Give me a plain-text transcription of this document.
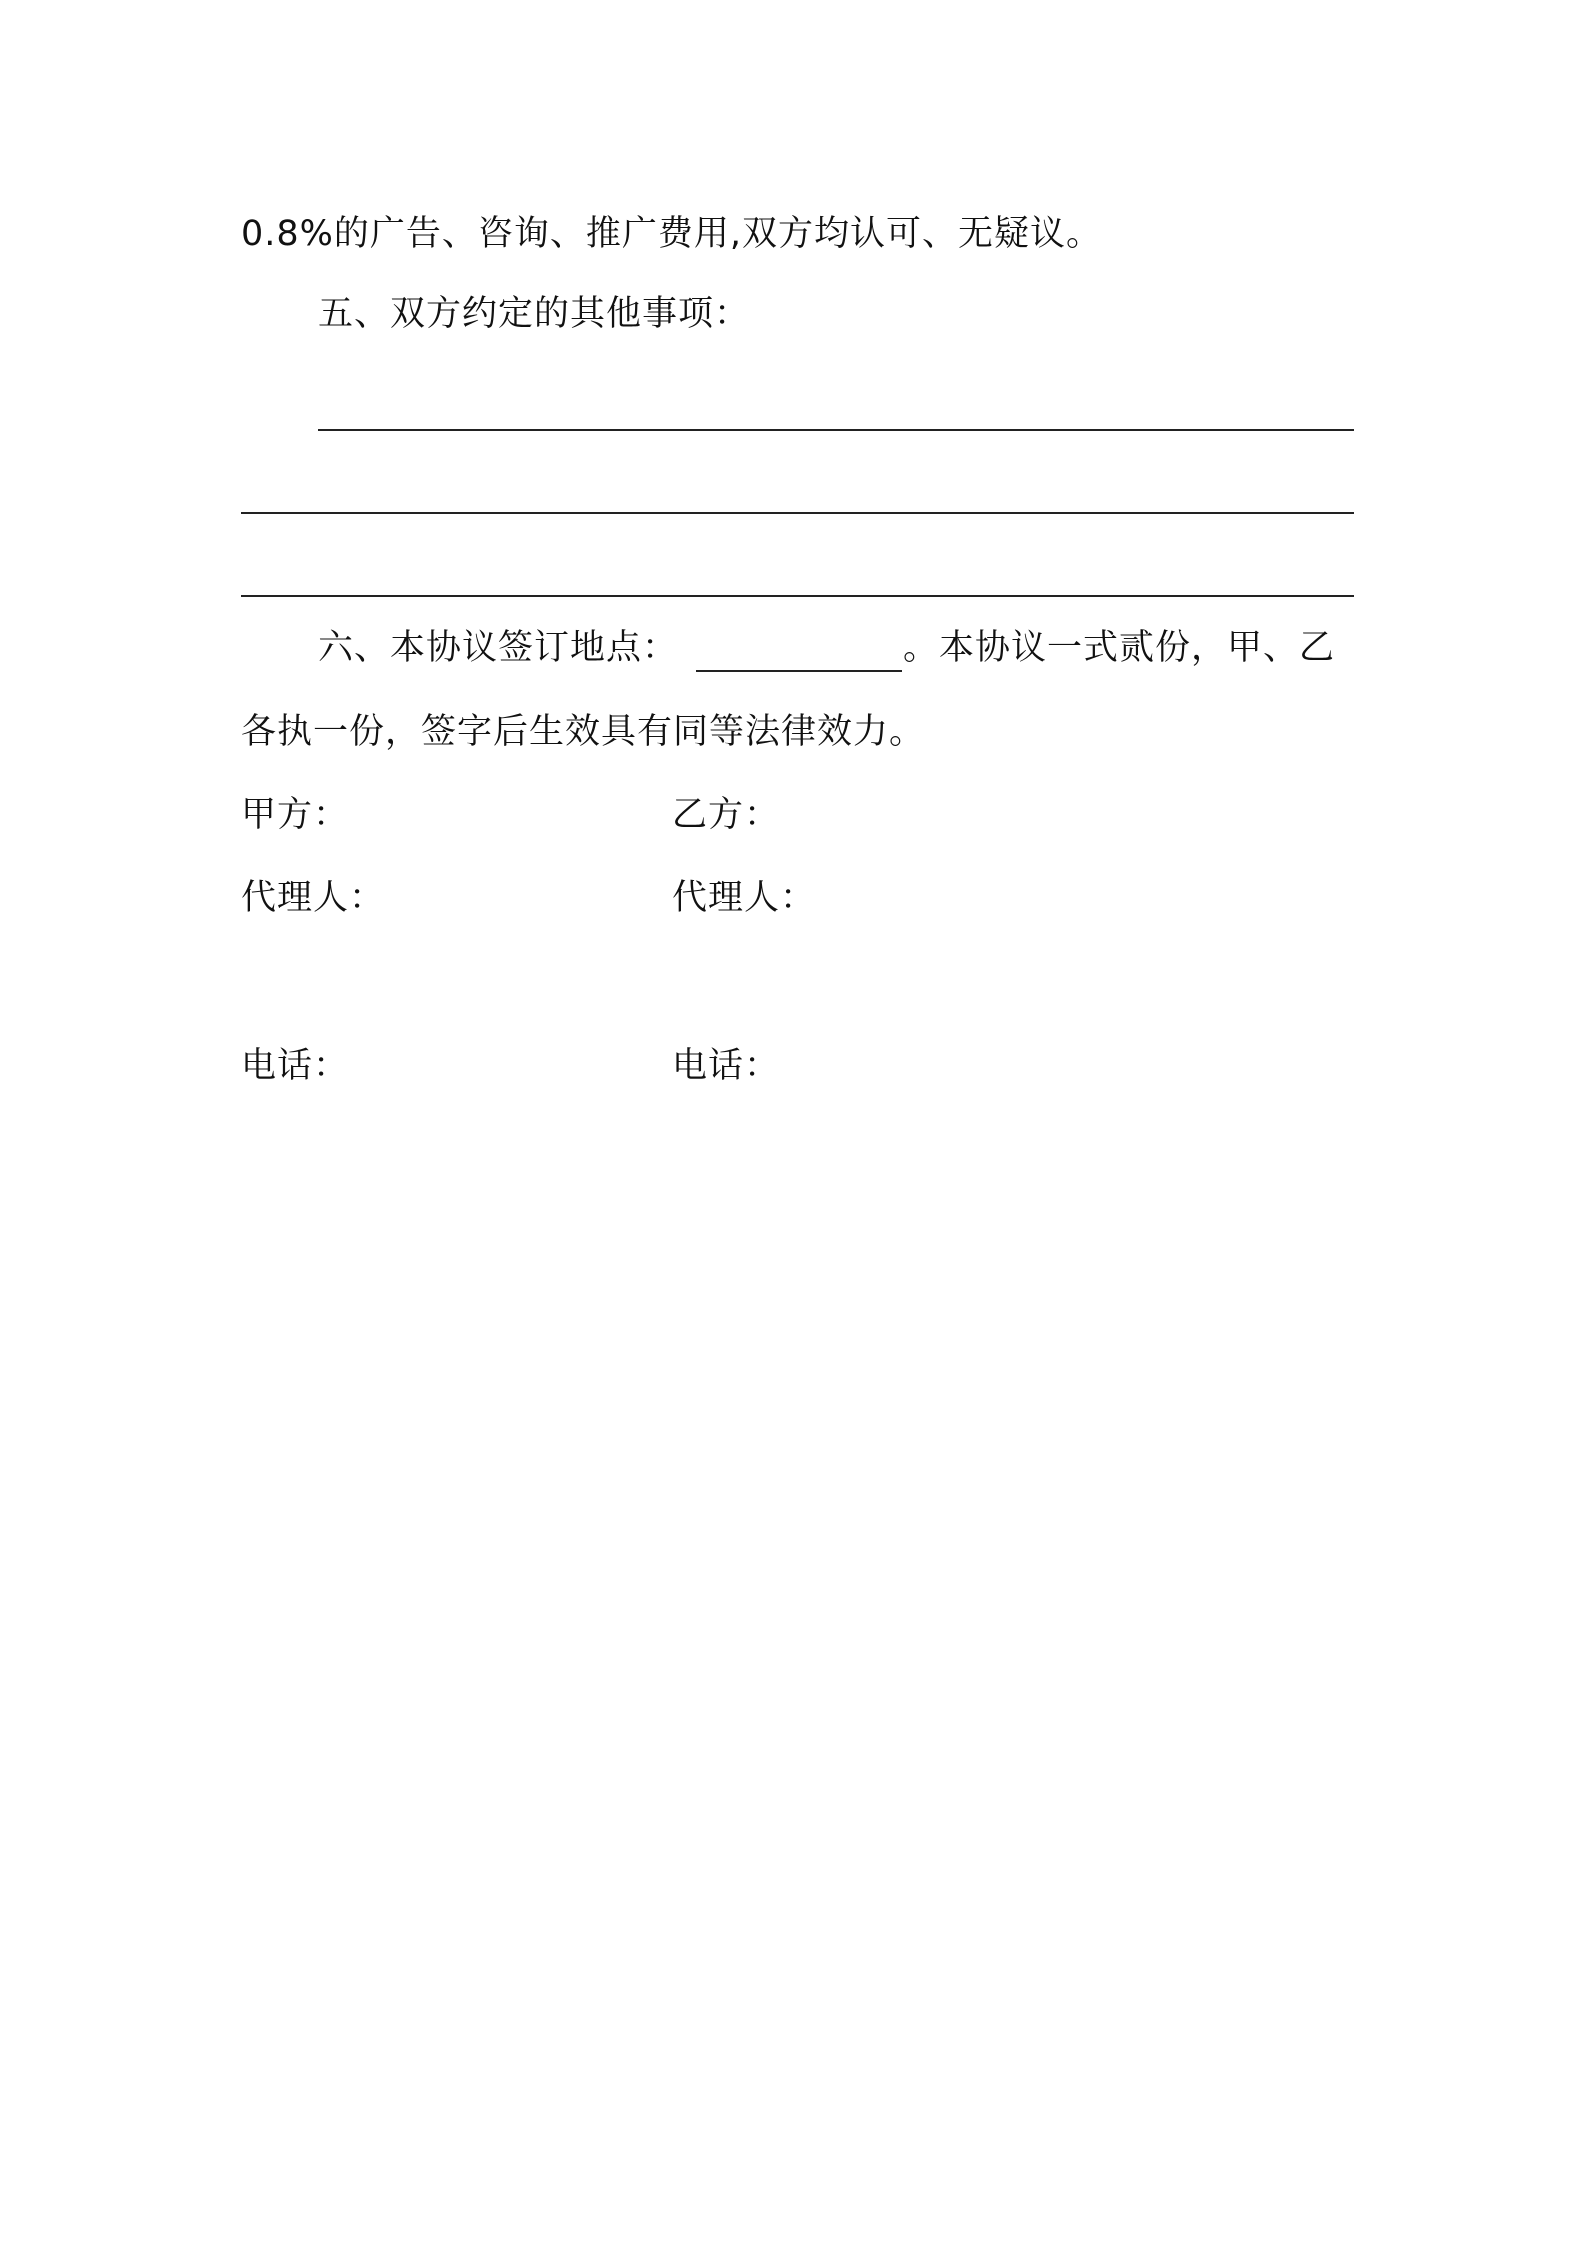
0.8%的广告、咨询、推广费用,双方均认可、无疑议。
五、双方约定的其他事项：
六、本协议签订地点：	。本协议一式贰份，甲、乙
各执一份，签字后生效具有同等法律效力。
甲方：	乙方：
代理人：	代理人：
电话：	电话：
